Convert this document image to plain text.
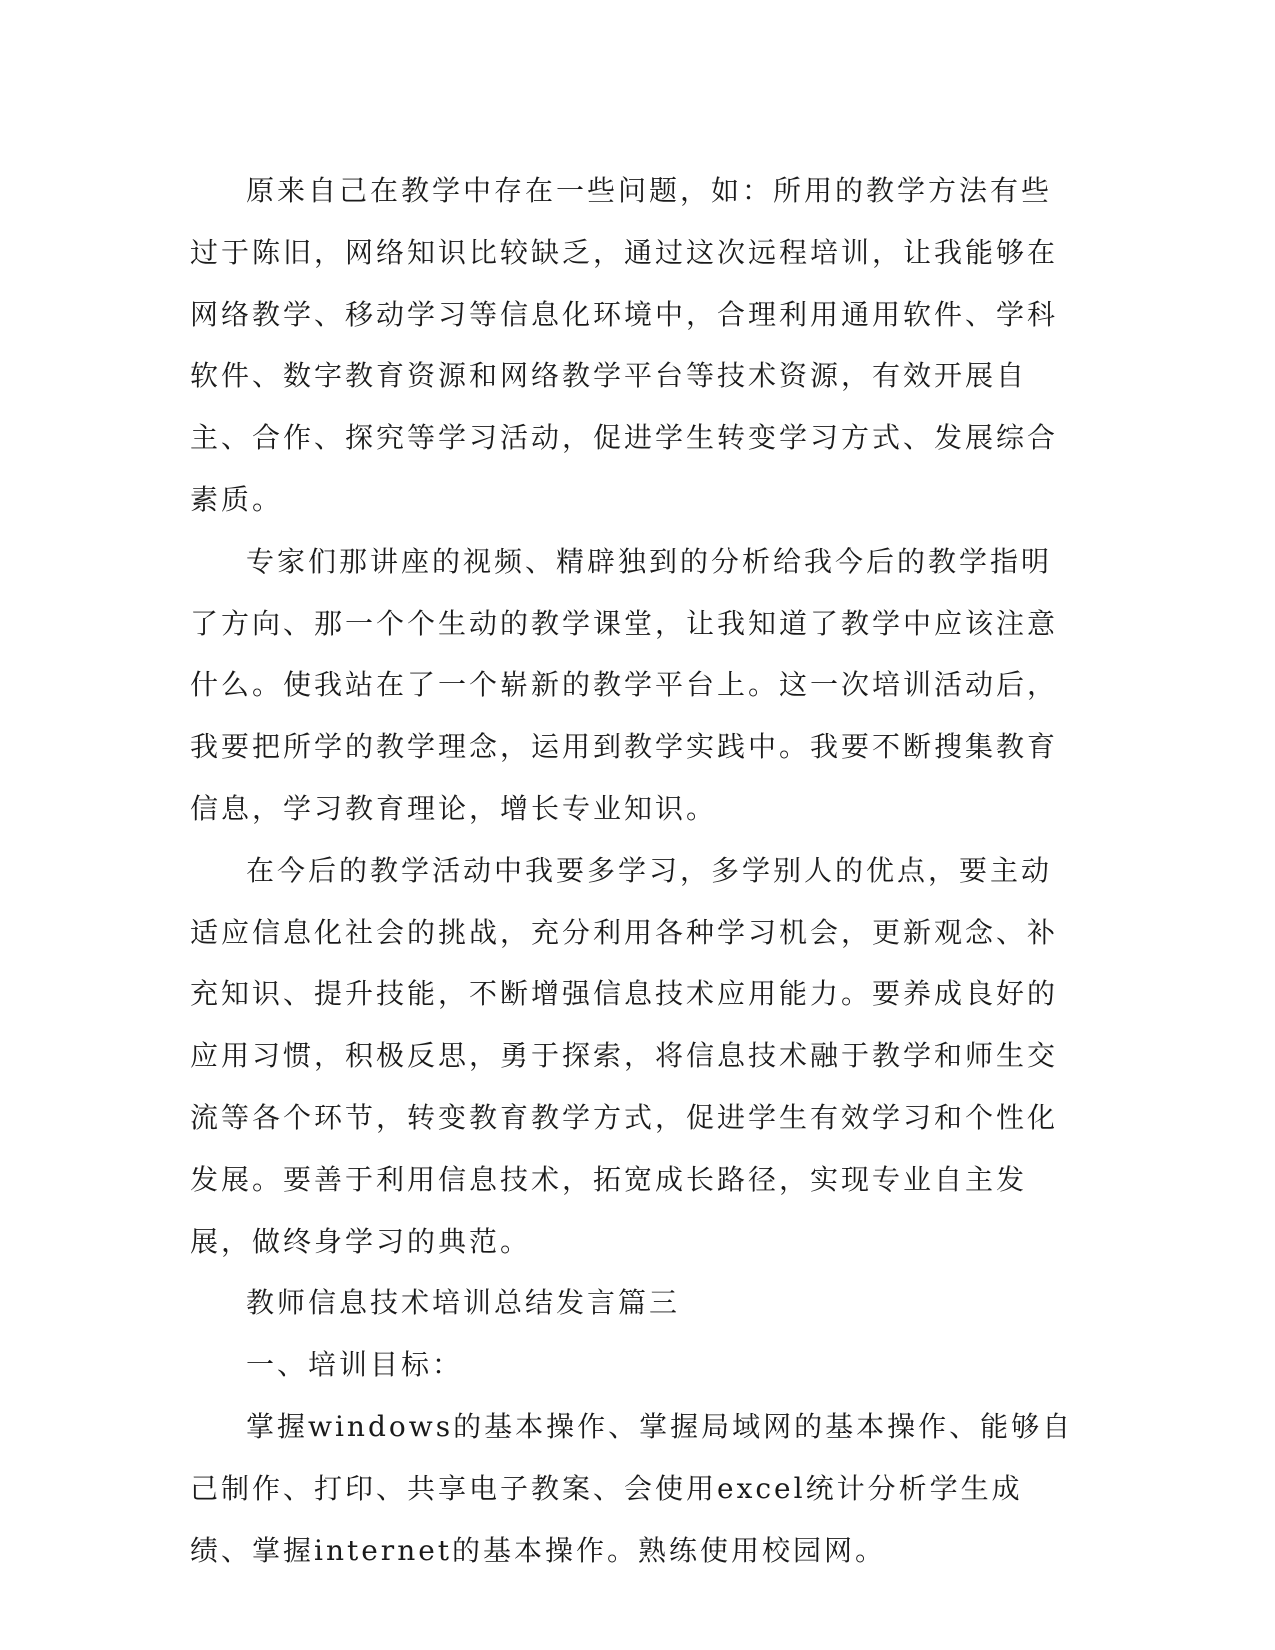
原来自己在教学中存在一些问题，如：所用的教学方法有些过于陈旧，网络知识比较缺乏，通过这次远程培训，让我能够在网络教学、移动学习等信息化环境中，合理利用通用软件、学科软件、数字教育资源和网络教学平台等技术资源，有效开展自主、合作、探究等学习活动，促进学生转变学习方式、发展综合素质。

专家们那讲座的视频、精辟独到的分析给我今后的教学指明了方向、那一个个生动的教学课堂，让我知道了教学中应该注意什么。使我站在了一个崭新的教学平台上。这一次培训活动后，我要把所学的教学理念，运用到教学实践中。我要不断搜集教育信息，学习教育理论，增长专业知识。

在今后的教学活动中我要多学习，多学别人的优点，要主动适应信息化社会的挑战，充分利用各种学习机会，更新观念、补充知识、提升技能，不断增强信息技术应用能力。要养成良好的应用习惯，积极反思，勇于探索，将信息技术融于教学和师生交流等各个环节，转变教育教学方式，促进学生有效学习和个性化发展。要善于利用信息技术，拓宽成长路径，实现专业自主发展，做终身学习的典范。

教师信息技术培训总结发言篇三

一、培训目标：

掌握windows的基本操作、掌握局域网的基本操作、能够自己制作、打印、共享电子教案、会使用excel统计分析学生成绩、掌握internet的基本操作。熟练使用校园网。
